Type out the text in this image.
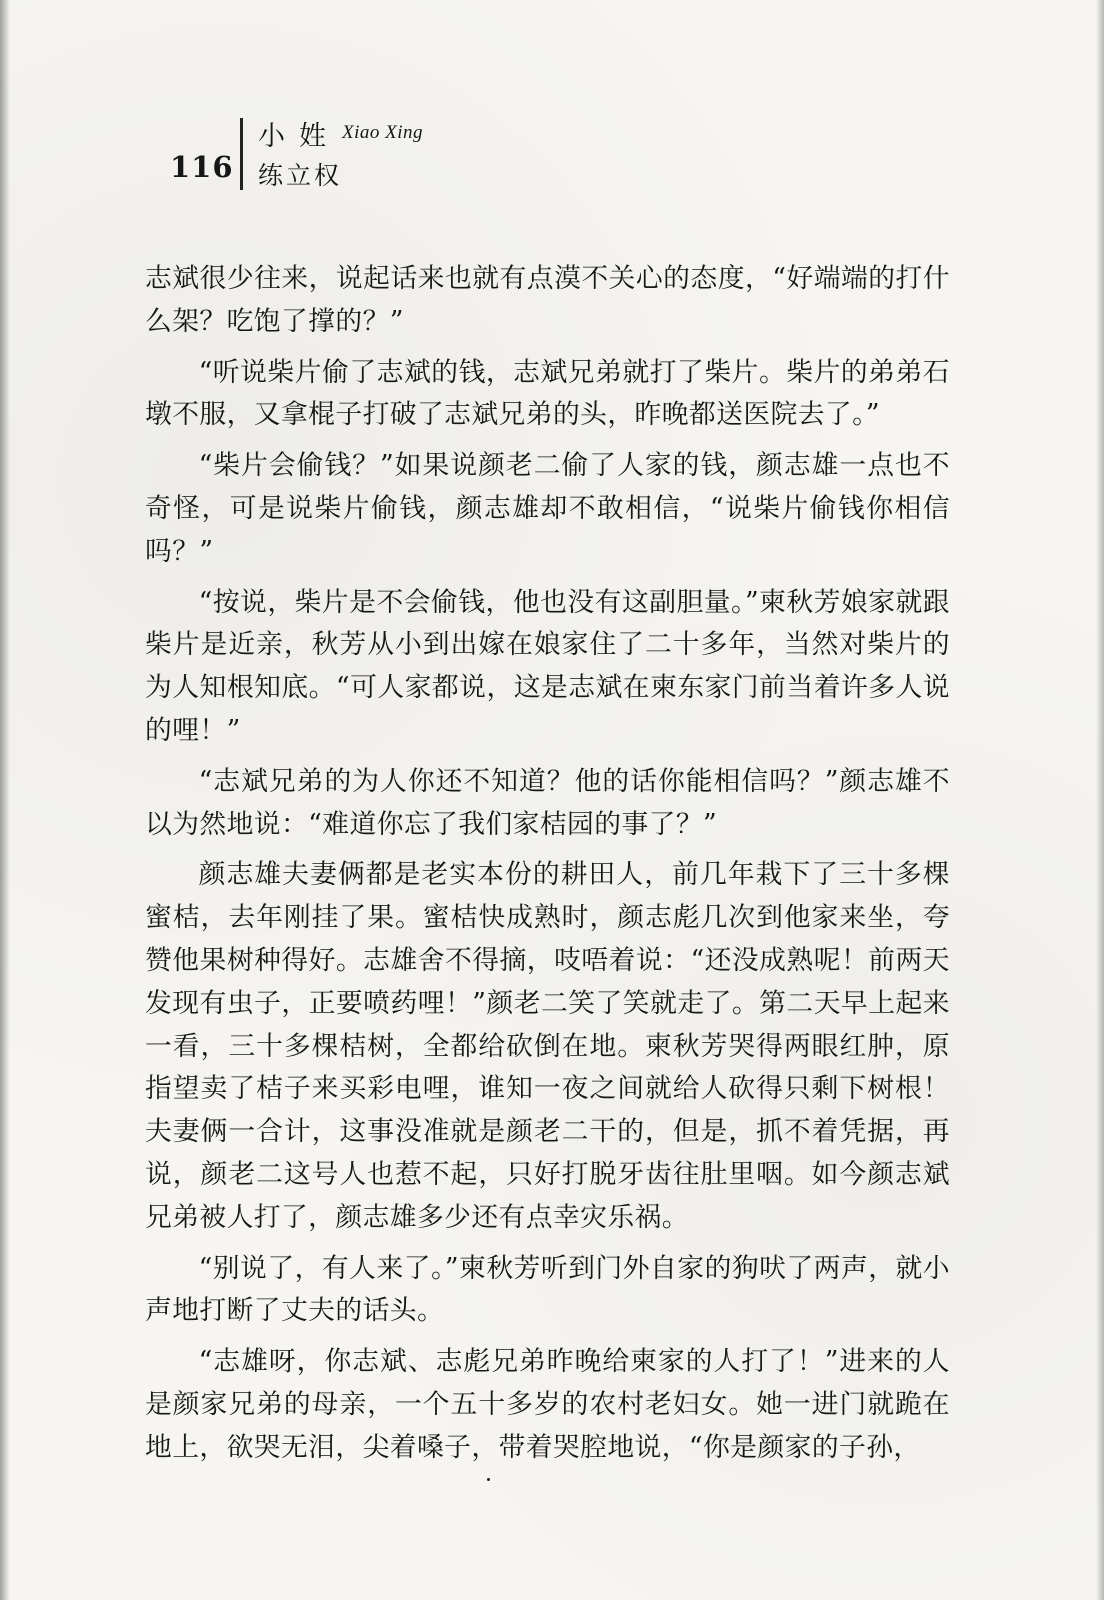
116
小姓 Xiao Xing
练立权

志斌很少往来，说起话来也就有点漠不关心的态度，“好端端的打什么架？吃饱了撑的？”

“听说柴片偷了志斌的钱，志斌兄弟就打了柴片。柴片的弟弟石墩不服，又拿棍子打破了志斌兄弟的头，昨晚都送医院去了。”

“柴片会偷钱？”如果说颜老二偷了人家的钱，颜志雄一点也不奇怪，可是说柴片偷钱，颜志雄却不敢相信，“说柴片偷钱你相信吗？”

“按说，柴片是不会偷钱，他也没有这副胆量。”柬秋芳娘家就跟柴片是近亲，秋芳从小到出嫁在娘家住了二十多年，当然对柴片的为人知根知底。“可人家都说，这是志斌在柬东家门前当着许多人说的哩！”

“志斌兄弟的为人你还不知道？他的话你能相信吗？”颜志雄不以为然地说：“难道你忘了我们家桔园的事了？”

颜志雄夫妻俩都是老实本份的耕田人，前几年栽下了三十多棵蜜桔，去年刚挂了果。蜜桔快成熟时，颜志彪几次到他家来坐，夸赞他果树种得好。志雄舍不得摘，吱唔着说：“还没成熟呢！前两天发现有虫子，正要喷药哩！”颜老二笑了笑就走了。第二天早上起来一看，三十多棵桔树，全都给砍倒在地。柬秋芳哭得两眼红肿，原指望卖了桔子来买彩电哩，谁知一夜之间就给人砍得只剩下树根！夫妻俩一合计，这事没准就是颜老二干的，但是，抓不着凭据，再说，颜老二这号人也惹不起，只好打脱牙齿往肚里咽。如今颜志斌兄弟被人打了，颜志雄多少还有点幸灾乐祸。

“别说了，有人来了。”柬秋芳听到门外自家的狗吠了两声，就小声地打断了丈夫的话头。

“志雄呀，你志斌、志彪兄弟昨晚给柬家的人打了！”进来的人是颜家兄弟的母亲，一个五十多岁的农村老妇女。她一进门就跪在地上，欲哭无泪，尖着嗓子，带着哭腔地说，“你是颜家的子孙，
